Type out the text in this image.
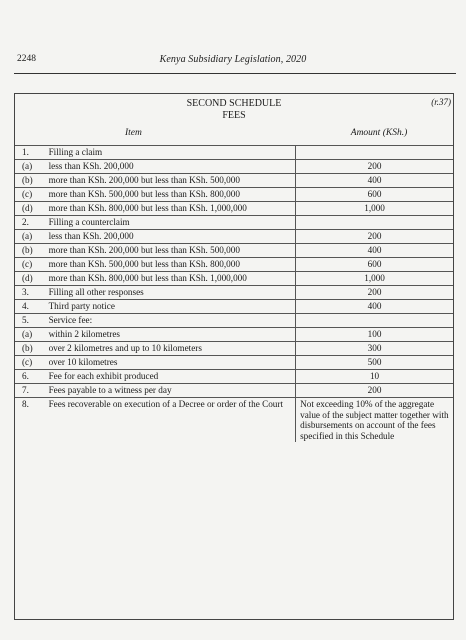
2248	Kenya Subsidiary Legislation, 2020
SECOND SCHEDULE
FEES
(r.37)
Item	Amount (KSh.)
1.	Filling a claim	
(a)	less than KSh. 200,000	200
(b)	more than KSh. 200,000 but less than KSh. 500,000	400
(c)	more than KSh. 500,000 but less than KSh. 800,000	600
(d)	more than KSh. 800,000 but less than KSh. 1,000,000	1,000
2.	Filling a counterclaim	
(a)	less than KSh. 200,000	200
(b)	more than KSh. 200,000 but less than KSh. 500,000	400
(c)	more than KSh. 500,000 but less than KSh. 800,000	600
(d)	more than KSh. 800,000 but less than KSh. 1,000,000	1,000
3.	Filling all other responses	200
4.	Third party notice	400
5.	Service fee:	
(a)	within 2 kilometres	100
(b)	over 2 kilometres and up to 10 kilometers	300
(c)	over 10 kilometres	500
6.	Fee for each exhibit produced	10
7.	Fees payable to a witness per day	200
8.	Fees recoverable on execution of a Decree or order of the Court	Not exceeding 10% of the aggregate value of the subject matter together with disbursements on account of the fees specified in this Schedule
